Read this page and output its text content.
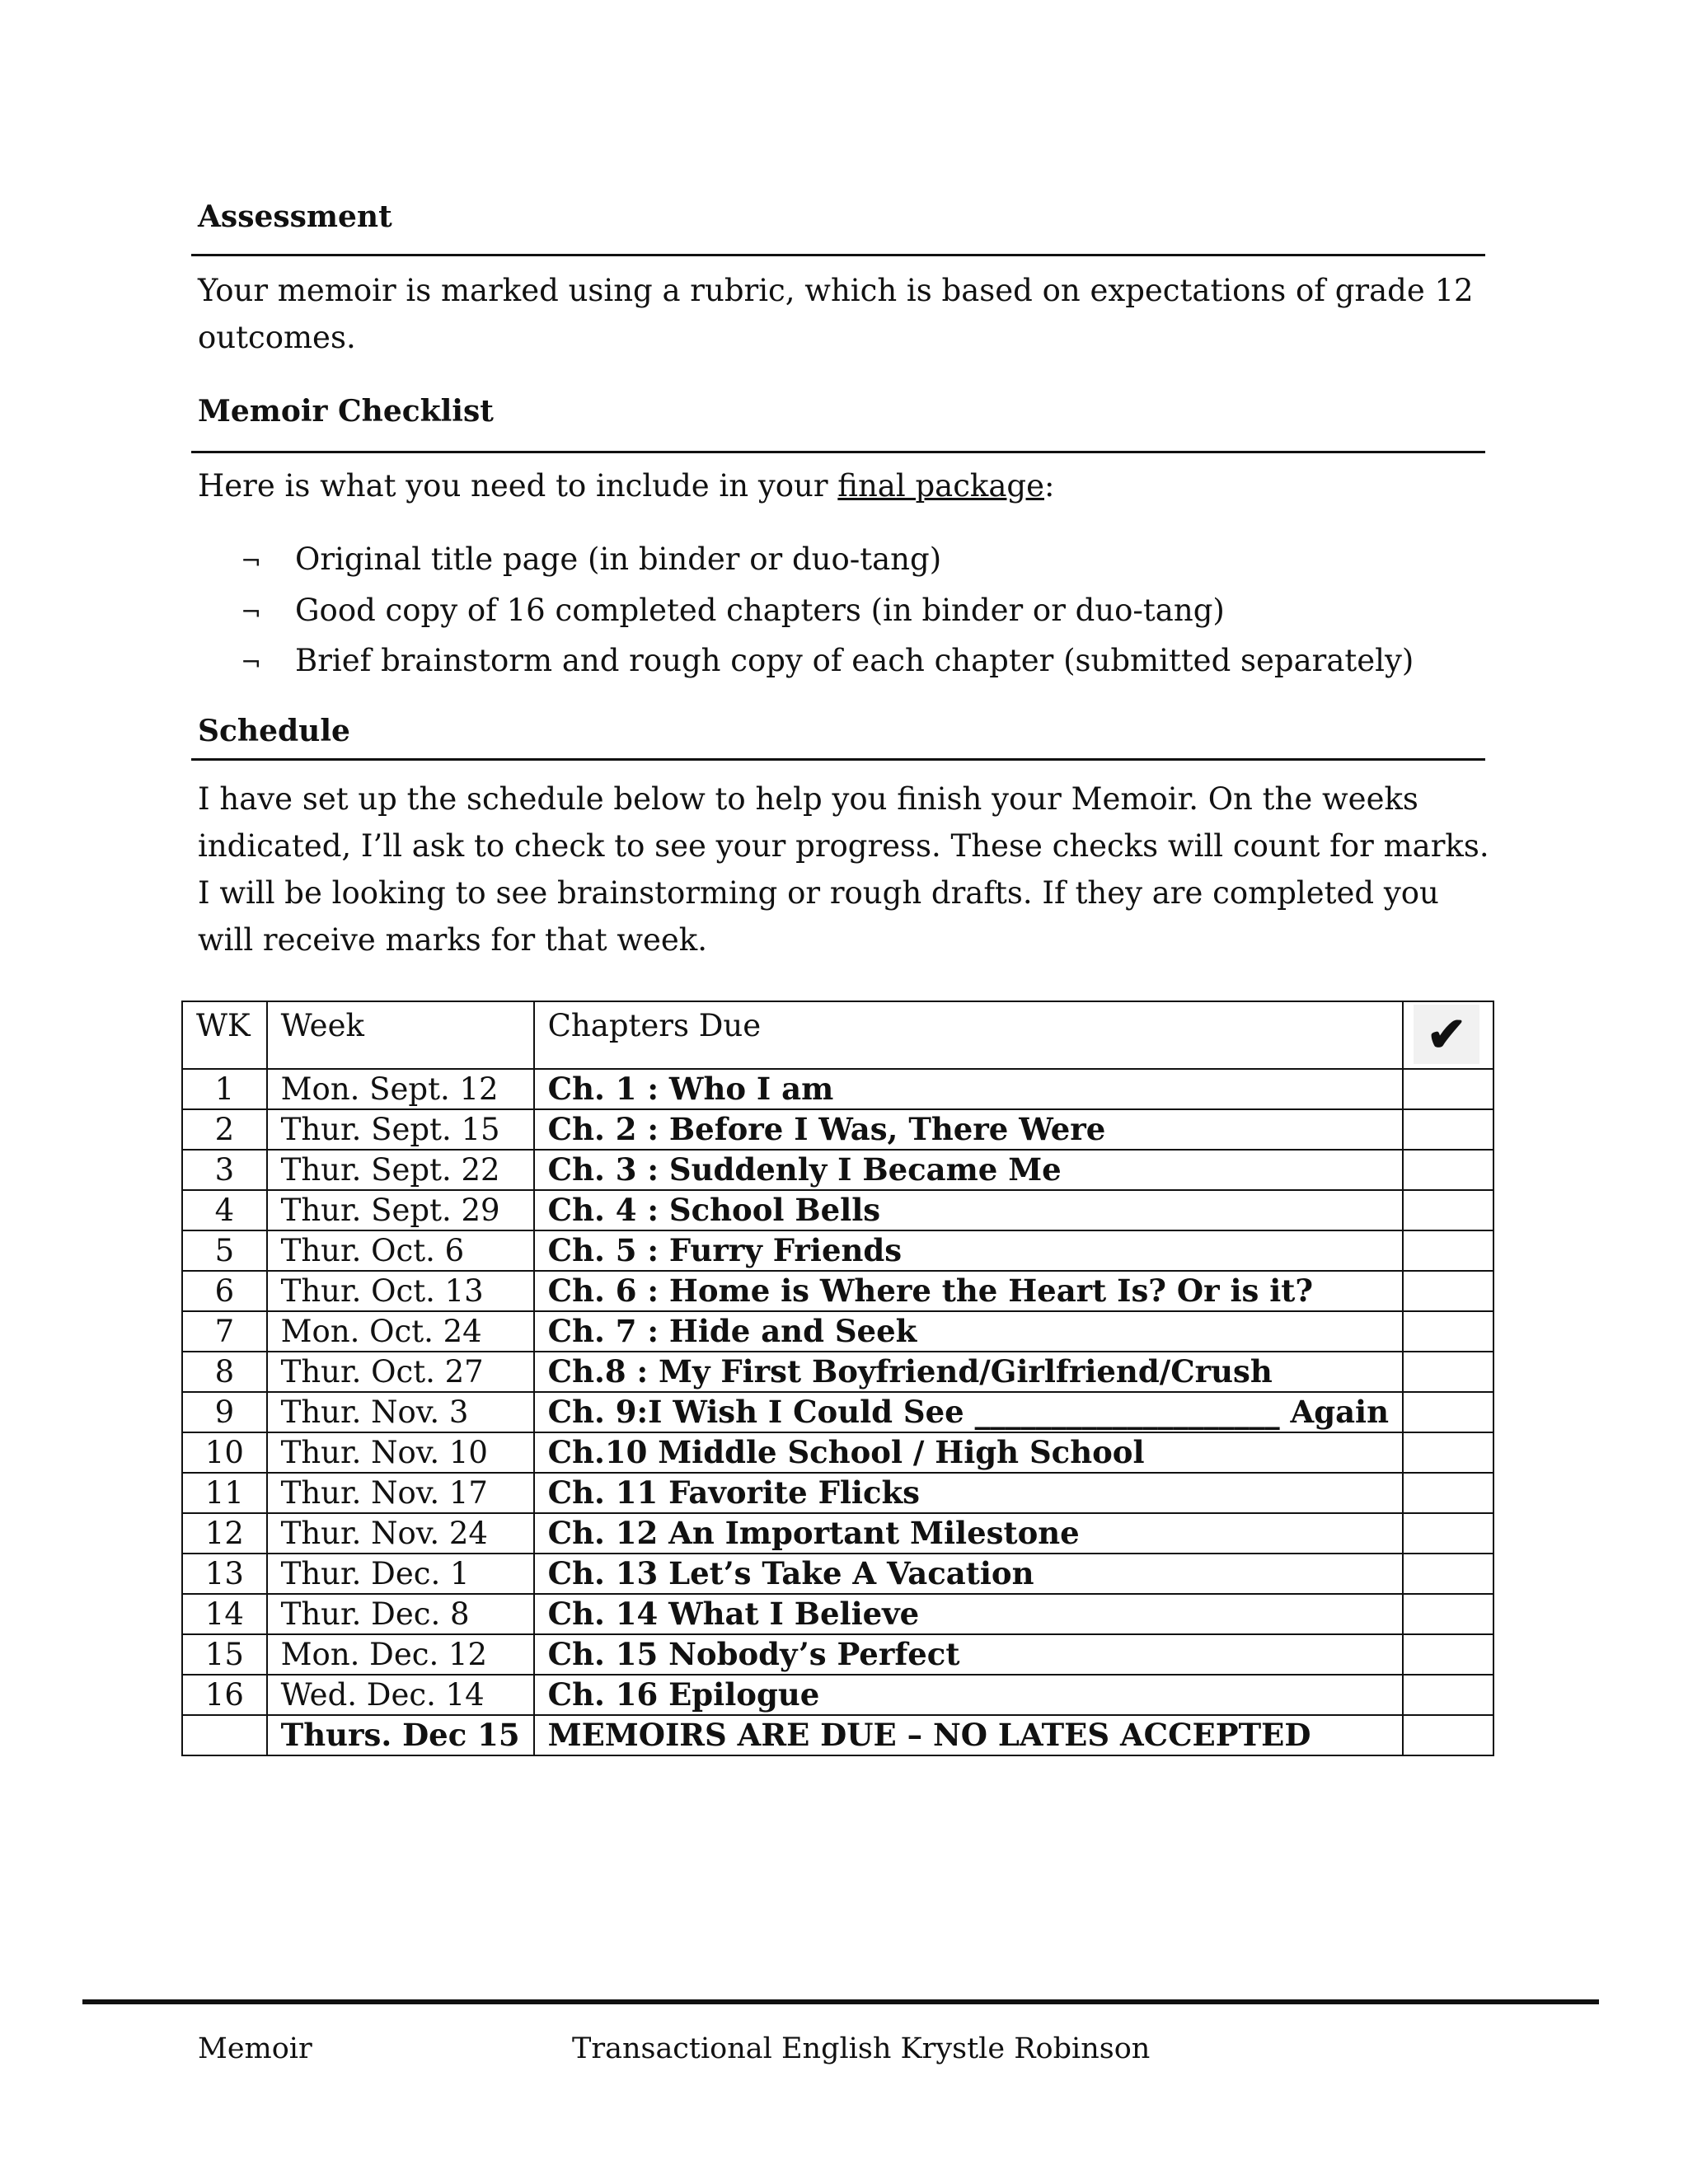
Assessment
Your memoir is marked using a rubric, which is based on expectations of grade 12 outcomes.
Memoir Checklist
Here is what you need to include in your final package:
¬	Original title page (in binder or duo-tang)
¬	Good copy of 16 completed chapters (in binder or duo-tang)
¬	Brief brainstorm and rough copy of each chapter (submitted separately)
Schedule
I have set up the schedule below to help you finish your Memoir. On the weeks indicated, I’ll ask to check to see your progress. These checks will count for marks. I will be looking to see brainstorming or rough drafts. If they are completed you will receive marks for that week.
WK	Week	Chapters Due	✔
1	Mon. Sept. 12	Ch. 1 : Who I am	
2	Thur. Sept. 15	Ch. 2 : Before I Was, There Were	
3	Thur. Sept. 22	Ch. 3 : Suddenly I Became Me	
4	Thur. Sept. 29	Ch. 4 : School Bells	
5	Thur. Oct. 6	Ch. 5 : Furry Friends	
6	Thur. Oct. 13	Ch. 6 : Home is Where the Heart Is? Or is it?	
7	Mon. Oct. 24	Ch. 7 : Hide and Seek	
8	Thur. Oct. 27	Ch.8 : My First Boyfriend/Girlfriend/Crush	
9	Thur. Nov. 3	Ch. 9:I Wish I Could See ____________________ Again	
10	Thur. Nov. 10	Ch.10 Middle School / High School	
11	Thur. Nov. 17	Ch. 11 Favorite Flicks	
12	Thur. Nov. 24	Ch. 12 An Important Milestone	
13	Thur. Dec. 1	Ch. 13 Let’s Take A Vacation	
14	Thur. Dec. 8	Ch. 14 What I Believe	
15	Mon. Dec. 12	Ch. 15 Nobody’s Perfect	
16	Wed. Dec. 14	Ch. 16 Epilogue	
	Thurs. Dec 15	MEMOIRS ARE DUE – NO LATES ACCEPTED	
Memoir	Transactional English Krystle Robinson
